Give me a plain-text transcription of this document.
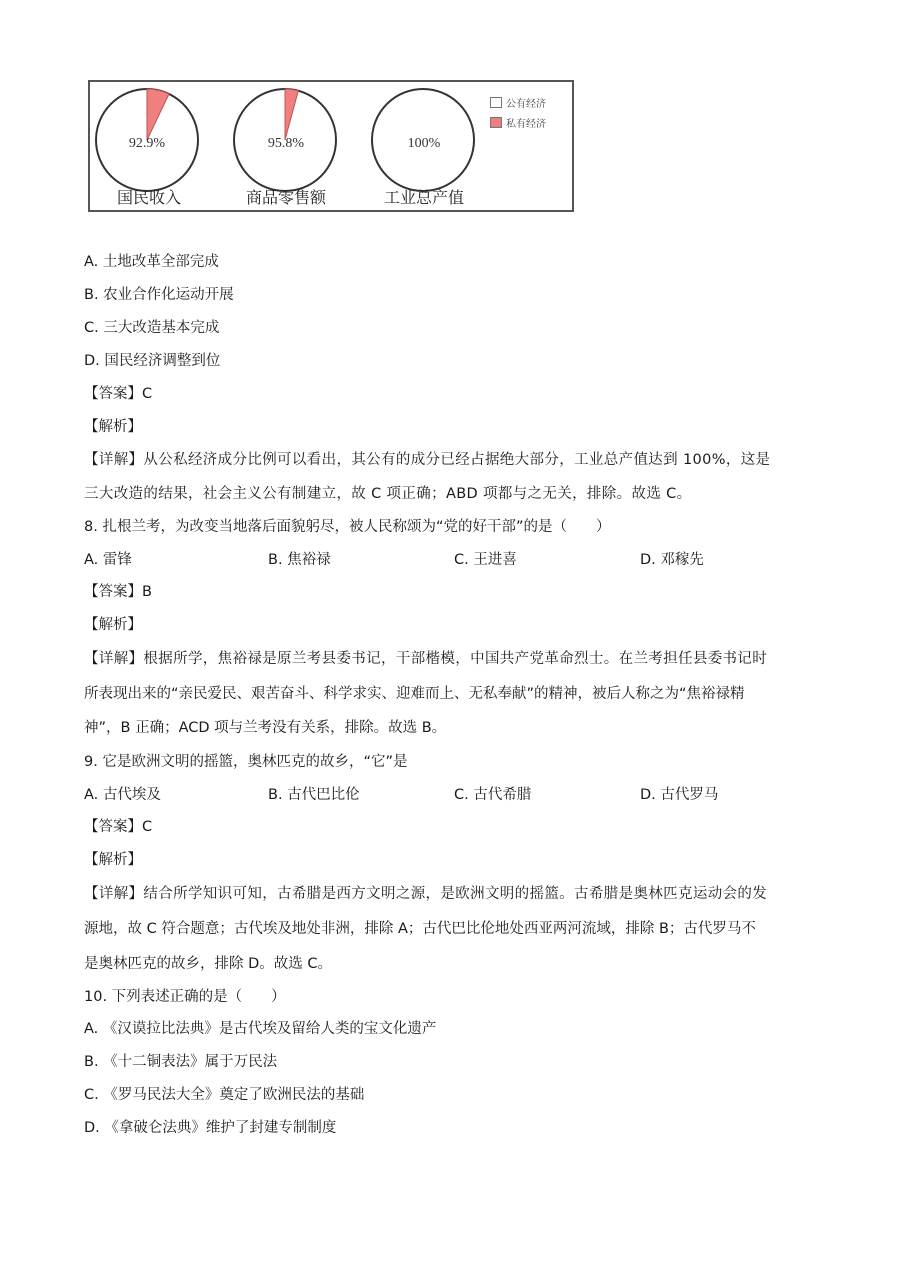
92.9%	95.8%	100%
国民收入	商品零售额	工业总产值
公有经济
私有经济
A. 土地改革全部完成
B. 农业合作化运动开展
C. 三大改造基本完成
D. 国民经济调整到位
【答案】C
【解析】
【详解】从公私经济成分比例可以看出，其公有的成分已经占据绝大部分，工业总产值达到 100%，这是
三大改造的结果，社会主义公有制建立，故 C 项正确；ABD 项都与之无关，排除。故选 C。
8. 扎根兰考，为改变当地落后面貌躬尽，被人民称颂为“党的好干部”的是（　　）
A. 雷锋	B. 焦裕禄	C. 王进喜	D. 邓稼先
【答案】B
【解析】
【详解】根据所学，焦裕禄是原兰考县委书记，干部楷模，中国共产党革命烈士。在兰考担任县委书记时
所表现出来的“亲民爱民、艰苦奋斗、科学求实、迎难而上、无私奉献”的精神，被后人称之为“焦裕禄精
神”，B 正确；ACD 项与兰考没有关系，排除。故选 B。
9. 它是欧洲文明的摇篮，奥林匹克的故乡，“它”是
A. 古代埃及	B. 古代巴比伦	C. 古代希腊	D. 古代罗马
【答案】C
【解析】
【详解】结合所学知识可知，古希腊是西方文明之源，是欧洲文明的摇篮。古希腊是奥林匹克运动会的发
源地，故 C 符合题意；古代埃及地处非洲，排除 A；古代巴比伦地处西亚两河流域，排除 B；古代罗马不
是奥林匹克的故乡，排除 D。故选 C。
10. 下列表述正确的是（　　）
A. 《汉谟拉比法典》是古代埃及留给人类的宝文化遗产
B. 《十二铜表法》属于万民法
C. 《罗马民法大全》奠定了欧洲民法的基础
D. 《拿破仑法典》维护了封建专制制度
